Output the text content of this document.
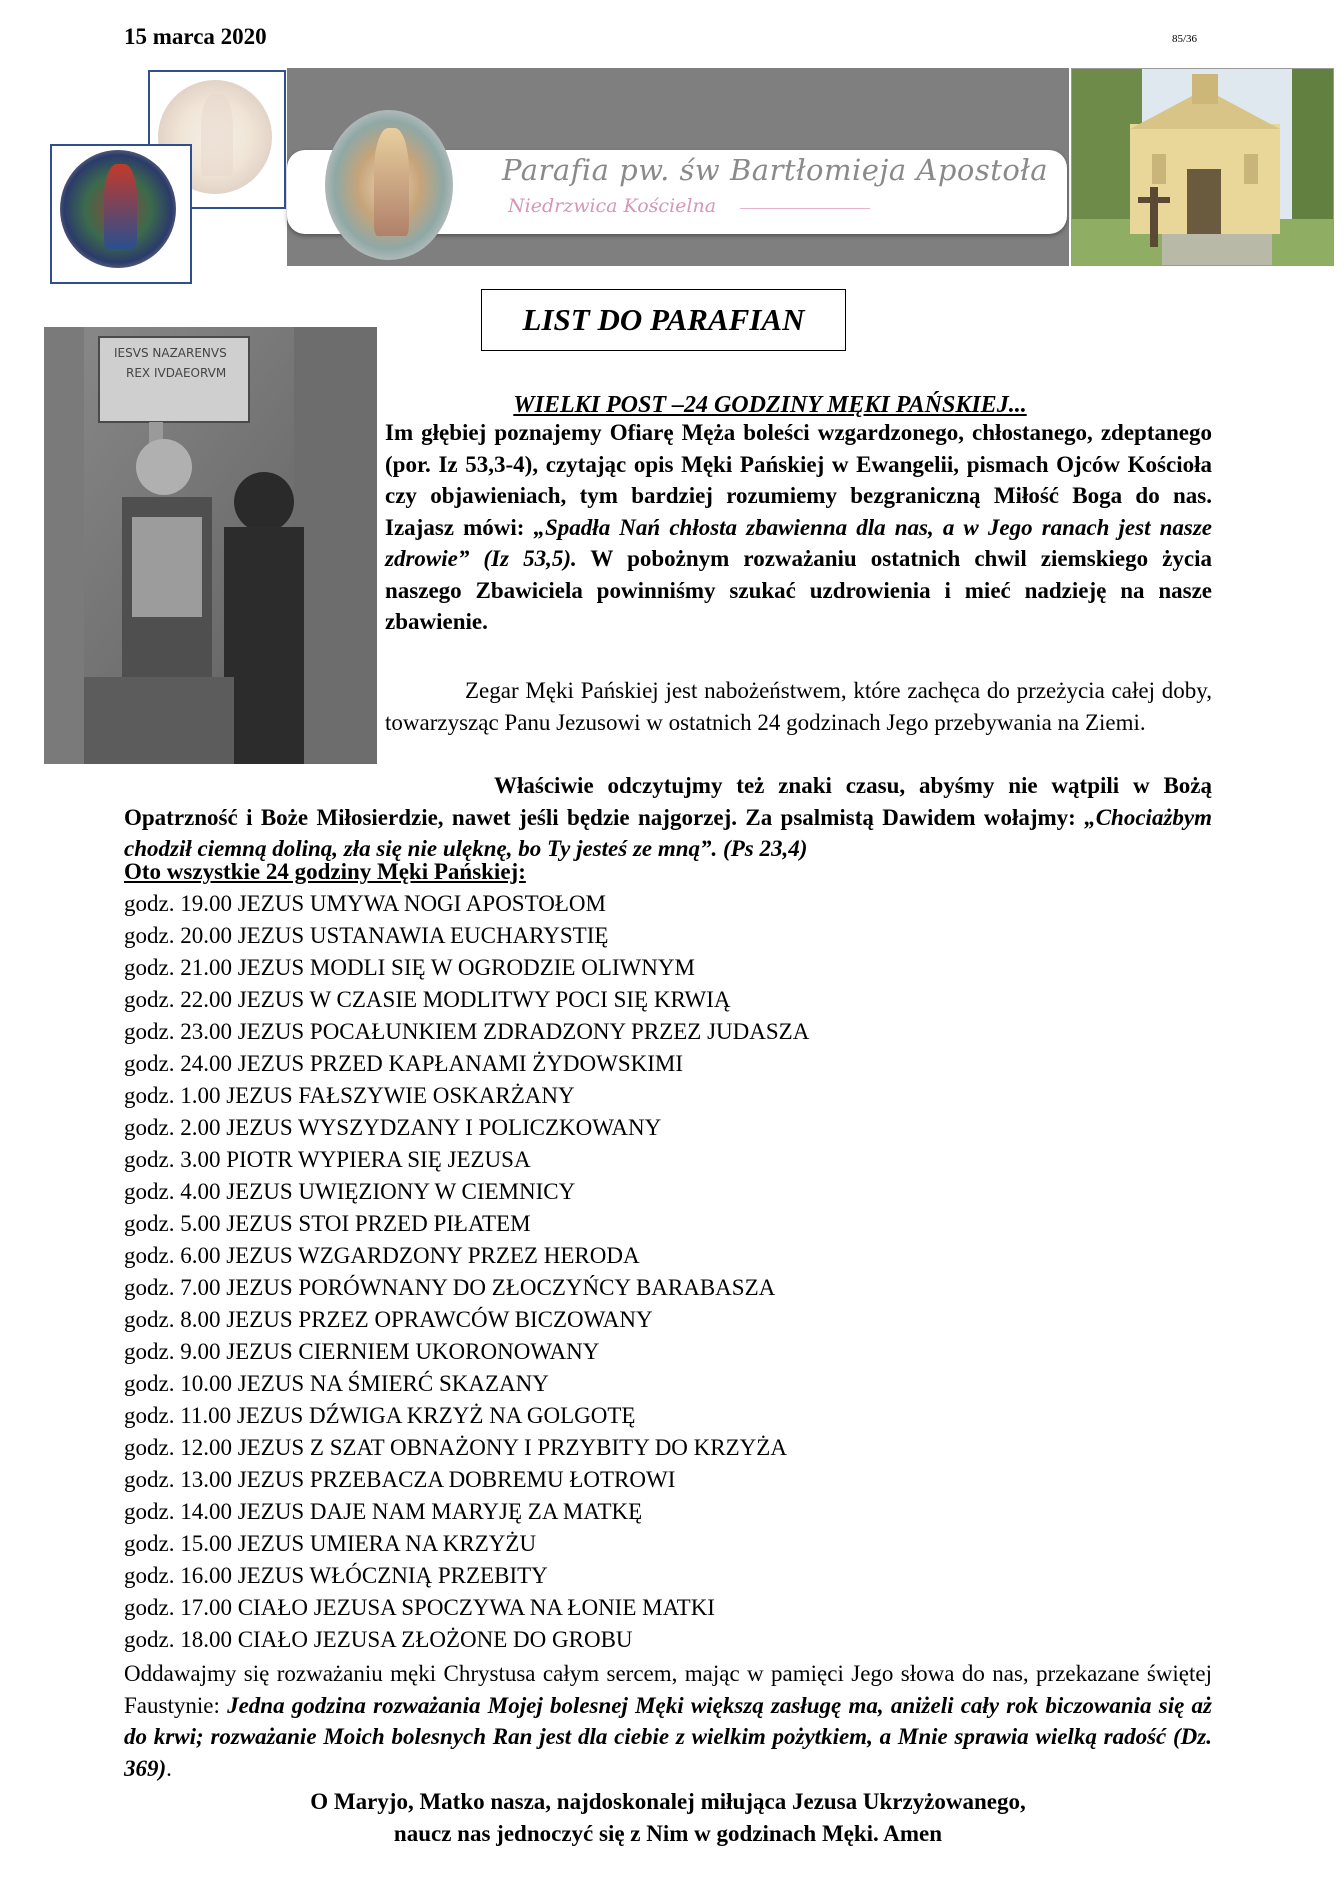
15 marca 2020	85/36
Parafia pw. św Bartłomieja Apostoła
Niedrzwica Kościelna
LIST DO PARAFIAN
IESVS NAZARENVS
REX IVDAEORVM
WIELKI POST –24 GODZINY MĘKI PAŃSKIEJ...
Im głębiej poznajemy Ofiarę Męża boleści wzgardzonego, chłostanego, zdeptanego (por. Iz 53,3-4), czytając opis Męki Pańskiej w Ewangelii, pismach Ojców Kościoła czy objawieniach, tym bardziej rozumiemy bezgraniczną Miłość Boga do nas. Izajasz mówi: „Spadła Nań chłosta zbawienna dla nas, a w Jego ranach jest nasze zdrowie” (Iz 53,5). W pobożnym rozważaniu ostatnich chwil ziemskiego życia naszego Zbawiciela powinniśmy szukać uzdrowienia i mieć nadzieję na nasze zbawienie.
Zegar Męki Pańskiej jest nabożeństwem, które zachęca do przeżycia całej doby, towarzysząc Panu Jezusowi w ostatnich 24 godzinach Jego przebywania na Ziemi.
Właściwie odczytujmy też znaki czasu, abyśmy nie wątpili w Bożą Opatrzność i Boże Miłosierdzie, nawet jeśli będzie najgorzej. Za psalmistą Dawidem wołajmy: „Chociażbym chodził ciemną doliną, zła się nie ulęknę, bo Ty jesteś ze mną”. (Ps 23,4)
Oto wszystkie 24 godziny Męki Pańskiej:
godz. 19.00 JEZUS UMYWA NOGI APOSTOŁOM
godz. 20.00 JEZUS USTANAWIA EUCHARYSTIĘ
godz. 21.00 JEZUS MODLI SIĘ W OGRODZIE OLIWNYM
godz. 22.00 JEZUS W CZASIE MODLITWY POCI SIĘ KRWIĄ
godz. 23.00 JEZUS POCAŁUNKIEM ZDRADZONY PRZEZ JUDASZA
godz. 24.00 JEZUS PRZED KAPŁANAMI ŻYDOWSKIMI
godz. 1.00 JEZUS FAŁSZYWIE OSKARŻANY
godz. 2.00 JEZUS WYSZYDZANY I POLICZKOWANY
godz. 3.00 PIOTR WYPIERA SIĘ JEZUSA
godz. 4.00 JEZUS UWIĘZIONY W CIEMNICY
godz. 5.00 JEZUS STOI PRZED PIŁATEM
godz. 6.00 JEZUS WZGARDZONY PRZEZ HERODA
godz. 7.00 JEZUS PORÓWNANY DO ZŁOCZYŃCY BARABASZA
godz. 8.00 JEZUS PRZEZ OPRAWCÓW BICZOWANY
godz. 9.00 JEZUS CIERNIEM UKORONOWANY
godz. 10.00 JEZUS NA ŚMIERĆ SKAZANY
godz. 11.00 JEZUS DŹWIGA KRZYŻ NA GOLGOTĘ
godz. 12.00 JEZUS Z SZAT OBNAŻONY I PRZYBITY DO KRZYŻA
godz. 13.00 JEZUS PRZEBACZA DOBREMU ŁOTROWI
godz. 14.00 JEZUS DAJE NAM MARYJĘ ZA MATKĘ
godz. 15.00 JEZUS UMIERA NA KRZYŻU
godz. 16.00 JEZUS WŁÓCZNIĄ PRZEBITY
godz. 17.00 CIAŁO JEZUSA SPOCZYWA NA ŁONIE MATKI
godz. 18.00 CIAŁO JEZUSA ZŁOŻONE DO GROBU
Oddawajmy się rozważaniu męki Chrystusa całym sercem, mając w pamięci Jego słowa do nas, przekazane świętej Faustynie: Jedna godzina rozważania Mojej bolesnej Męki większą zasługę ma, aniżeli cały rok biczowania się aż do krwi; rozważanie Moich bolesnych Ran jest dla ciebie z wielkim pożytkiem, a Mnie sprawia wielką radość (Dz. 369).
O Maryjo, Matko nasza, najdoskonalej miłująca Jezusa Ukrzyżowanego,
naucz nas jednoczyć się z Nim w godzinach Męki. Amen
